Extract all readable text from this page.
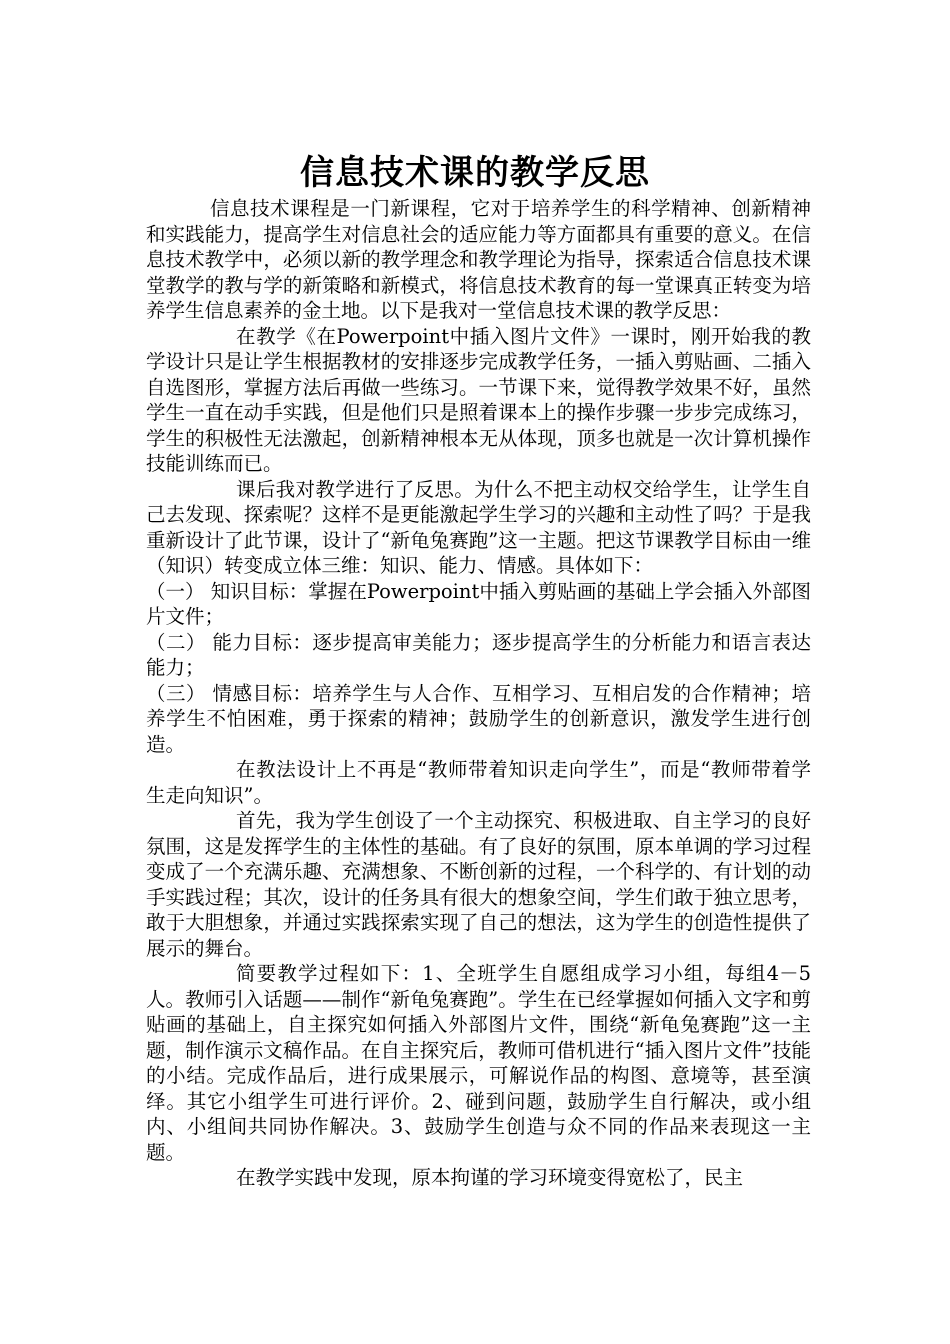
信息技术课的教学反思

信息技术课程是一门新课程，它对于培养学生的科学精神、创新精神和实践能力，提高学生对信息社会的适应能力等方面都具有重要的意义。在信息技术教学中，必须以新的教学理念和教学理论为指导，探索适合信息技术课堂教学的教与学的新策略和新模式，将信息技术教育的每一堂课真正转变为培养学生信息素养的金土地。以下是我对一堂信息技术课的教学反思：

在教学《在Powerpoint中插入图片文件》一课时，刚开始我的教学设计只是让学生根据教材的安排逐步完成教学任务，一插入剪贴画、二插入自选图形，掌握方法后再做一些练习。一节课下来，觉得教学效果不好，虽然学生一直在动手实践，但是他们只是照着课本上的操作步骤一步步完成练习，学生的积极性无法激起，创新精神根本无从体现，顶多也就是一次计算机操作技能训练而已。

课后我对教学进行了反思。为什么不把主动权交给学生，让学生自己去发现、探索呢？这样不是更能激起学生学习的兴趣和主动性了吗？于是我重新设计了此节课，设计了“新龟兔赛跑”这一主题。把这节课教学目标由一维（知识）转变成立体三维：知识、能力、情感。具体如下：

（一） 知识目标：掌握在Powerpoint中插入剪贴画的基础上学会插入外部图片文件；

（二） 能力目标：逐步提高审美能力；逐步提高学生的分析能力和语言表达能力；

（三） 情感目标：培养学生与人合作、互相学习、互相启发的合作精神；培养学生不怕困难，勇于探索的精神；鼓励学生的创新意识，激发学生进行创造。

在教法设计上不再是“教师带着知识走向学生”，而是“教师带着学生走向知识”。

首先，我为学生创设了一个主动探究、积极进取、自主学习的良好氛围，这是发挥学生的主体性的基础。有了良好的氛围，原本单调的学习过程变成了一个充满乐趣、充满想象、不断创新的过程，一个科学的、有计划的动手实践过程；其次，设计的任务具有很大的想象空间，学生们敢于独立思考，敢于大胆想象，并通过实践探索实现了自己的想法，这为学生的创造性提供了展示的舞台。

简要教学过程如下：1、全班学生自愿组成学习小组，每组4－5人。教师引入话题——制作“新龟兔赛跑”。学生在已经掌握如何插入文字和剪贴画的基础上，自主探究如何插入外部图片文件，围绕“新龟兔赛跑”这一主题，制作演示文稿作品。在自主探究后，教师可借机进行“插入图片文件”技能的小结。完成作品后，进行成果展示，可解说作品的构图、意境等，甚至演绎。其它小组学生可进行评价。2、碰到问题，鼓励学生自行解决，或小组内、小组间共同协作解决。3、鼓励学生创造与众不同的作品来表现这一主题。

在教学实践中发现，原本拘谨的学习环境变得宽松了，民主
